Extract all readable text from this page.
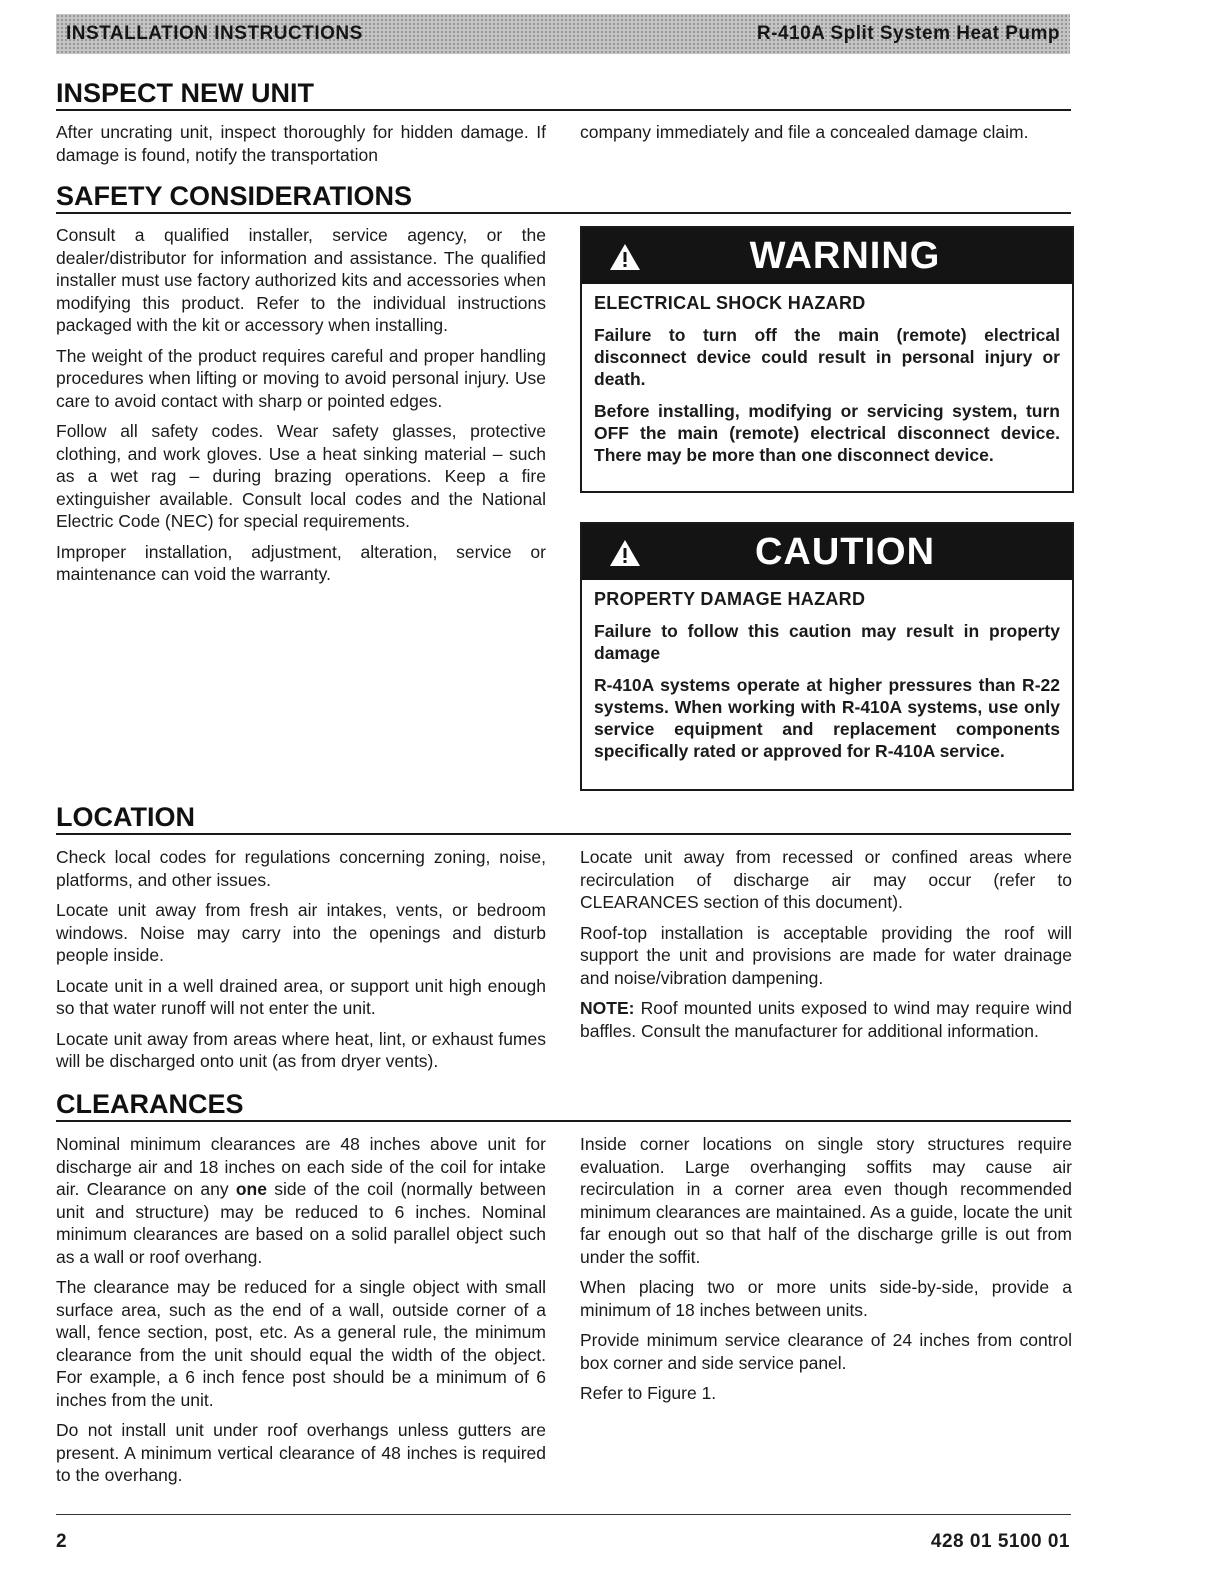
INSTALLATION INSTRUCTIONS	R-410A Split System Heat Pump
INSPECT NEW UNIT

After uncrating unit, inspect thoroughly for hidden damage. If damage is found, notify the transportation

company immediately and file a concealed damage claim.

SAFETY CONSIDERATIONS

Consult a qualified installer, service agency, or the dealer/distributor for information and assistance. The qualified installer must use factory authorized kits and accessories when modifying this product. Refer to the individual instructions packaged with the kit or accessory when installing.

The weight of the product requires careful and proper handling procedures when lifting or moving to avoid personal injury. Use care to avoid contact with sharp or pointed edges.

Follow all safety codes. Wear safety glasses, protective clothing, and work gloves. Use a heat sinking material – such as a wet rag – during brazing operations. Keep a fire extinguisher available. Consult local codes and the National Electric Code (NEC) for special requirements.

Improper installation, adjustment, alteration, service or maintenance can void the warranty.

WARNING
ELECTRICAL SHOCK HAZARD

Failure to turn off the main (remote) electrical disconnect device could result in personal injury or death.

Before installing, modifying or servicing system, turn OFF the main (remote) electrical disconnect device. There may be more than one disconnect device.

CAUTION
PROPERTY DAMAGE HAZARD

Failure to follow this caution may result in property damage

R-410A systems operate at higher pressures than R-22 systems. When working with R-410A systems, use only service equipment and replacement components specifically rated or approved for R-410A service.

LOCATION

Check local codes for regulations concerning zoning, noise, platforms, and other issues.

Locate unit away from fresh air intakes, vents, or bedroom windows. Noise may carry into the openings and disturb people inside.

Locate unit in a well drained area, or support unit high enough so that water runoff will not enter the unit.

Locate unit away from areas where heat, lint, or exhaust fumes will be discharged onto unit (as from dryer vents).

Locate unit away from recessed or confined areas where recirculation of discharge air may occur (refer to CLEARANCES section of this document).

Roof-top installation is acceptable providing the roof will support the unit and provisions are made for water drainage and noise/vibration dampening.

NOTE: Roof mounted units exposed to wind may require wind baffles. Consult the manufacturer for additional information.

CLEARANCES

Nominal minimum clearances are 48 inches above unit for discharge air and 18 inches on each side of the coil for intake air. Clearance on any one side of the coil (normally between unit and structure) may be reduced to 6 inches. Nominal minimum clearances are based on a solid parallel object such as a wall or roof overhang.

The clearance may be reduced for a single object with small surface area, such as the end of a wall, outside corner of a wall, fence section, post, etc. As a general rule, the minimum clearance from the unit should equal the width of the object. For example, a 6 inch fence post should be a minimum of 6 inches from the unit.

Do not install unit under roof overhangs unless gutters are present. A minimum vertical clearance of 48 inches is required to the overhang.

Inside corner locations on single story structures require evaluation. Large overhanging soffits may cause air recirculation in a corner area even though recommended minimum clearances are maintained. As a guide, locate the unit far enough out so that half of the discharge grille is out from under the soffit.

When placing two or more units side-by-side, provide a minimum of 18 inches between units.

Provide minimum service clearance of 24 inches from control box corner and side service panel.

Refer to Figure 1.

2	428 01 5100 01
